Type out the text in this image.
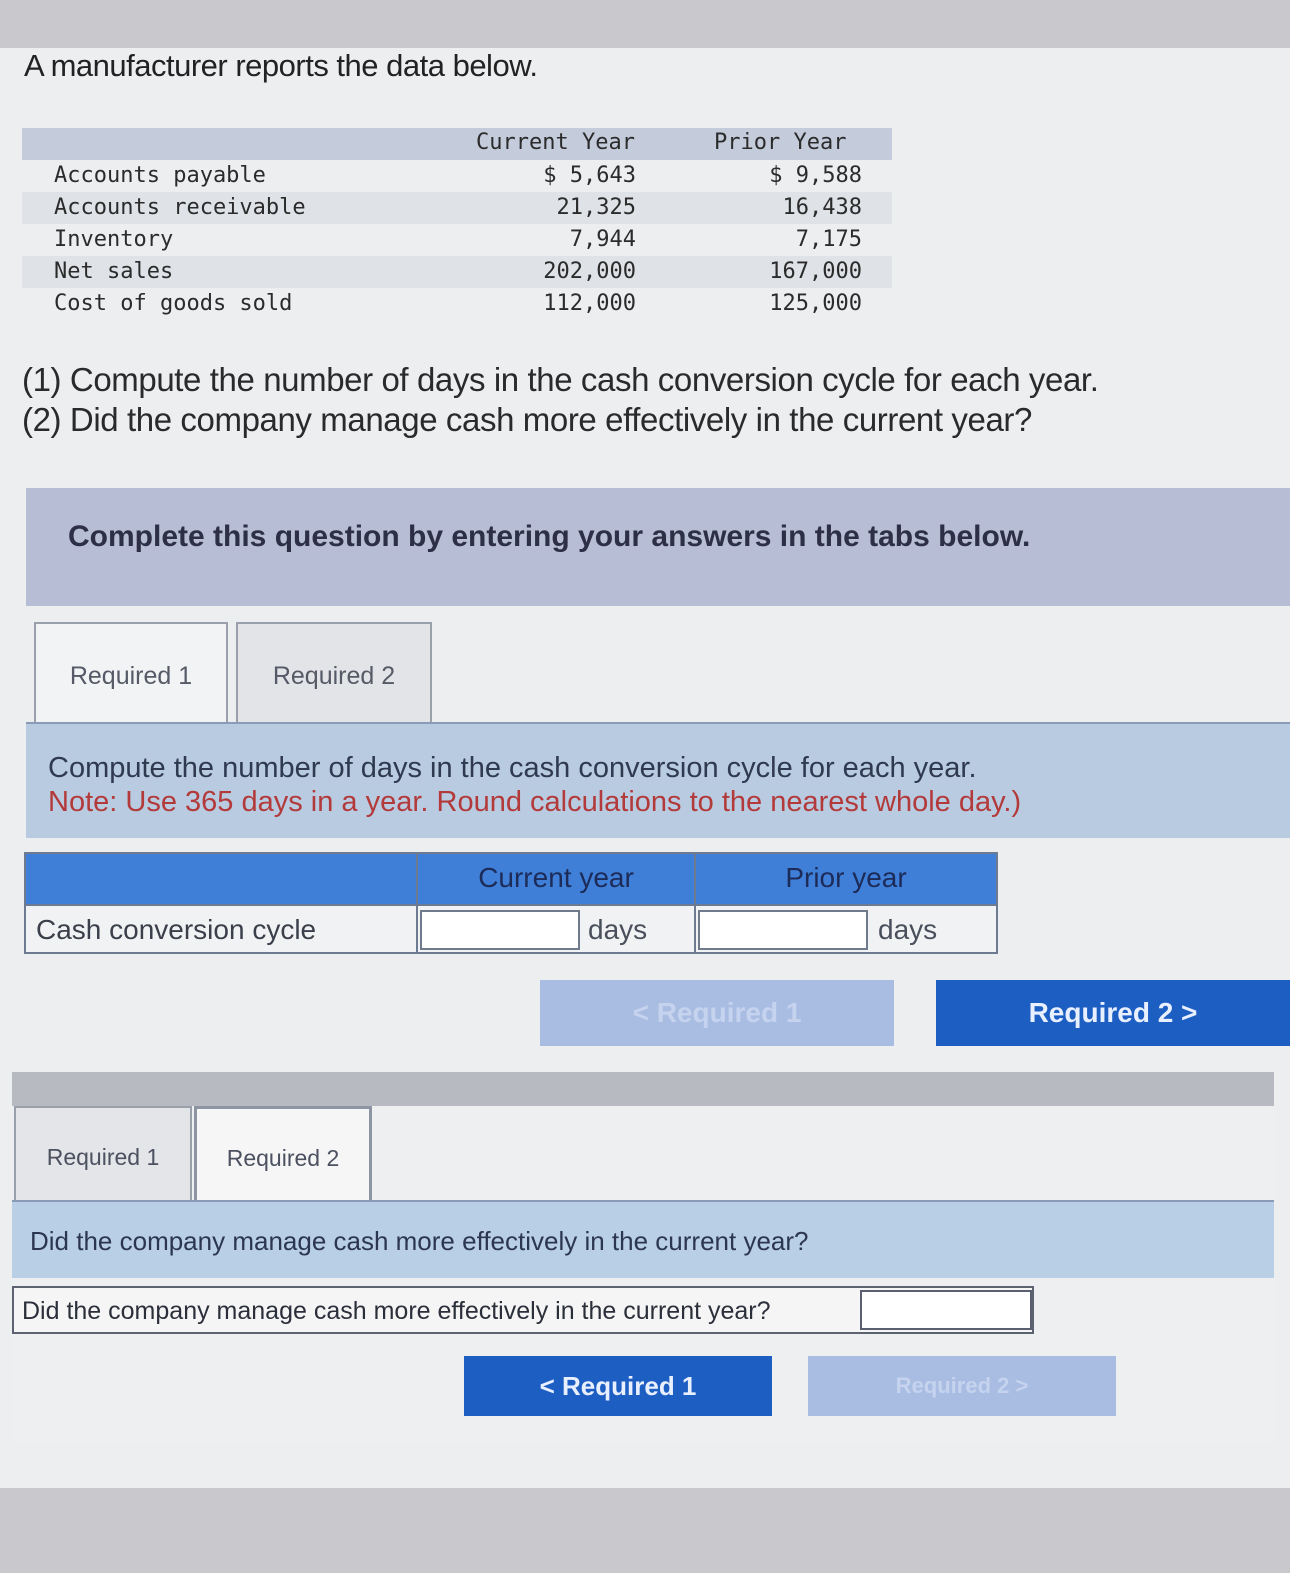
A manufacturer reports the data below.
Current Year	Prior Year
Accounts payable	$ 5,643	$ 9,588
Accounts receivable	21,325	16,438
Inventory	7,944	7,175
Net sales	202,000	167,000
Cost of goods sold	112,000	125,000
(1) Compute the number of days in the cash conversion cycle for each year.
(2) Did the company manage cash more effectively in the current year?
Complete this question by entering your answers in the tabs below.
Required 1	Required 2
Compute the number of days in the cash conversion cycle for each year.
Note: Use 365 days in a year. Round calculations to the nearest whole day.)
Current year	Prior year
Cash conversion cycle	days	days
< Required 1	Required 2 >
Required 1	Required 2
Did the company manage cash more effectively in the current year?
Did the company manage cash more effectively in the current year?
< Required 1	Required 2 >
